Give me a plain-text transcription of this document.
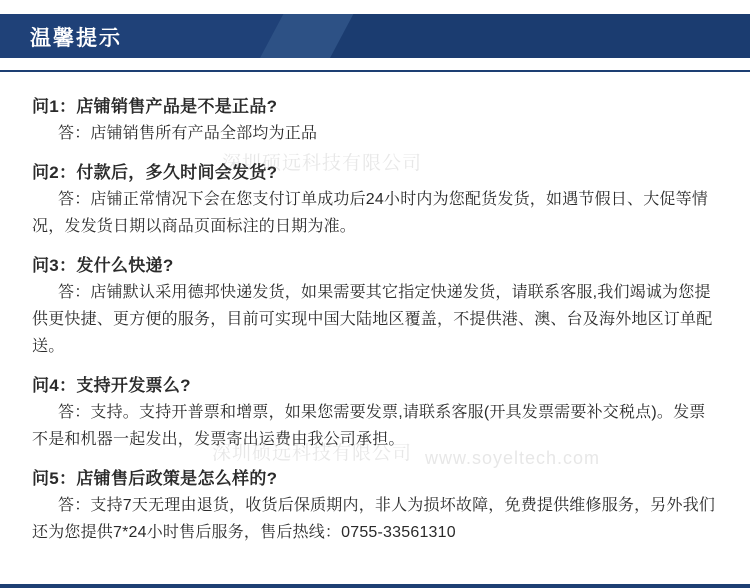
温馨提示
问1：店铺销售产品是不是正品?
答：店铺销售所有产品全部均为正品
问2：付款后，多久时间会发货?
答：店铺正常情况下会在您支付订单成功后24小时内为您配货发货，如遇节假日、大促等情况，发发货日期以商品页面标注的日期为准。
问3：发什么快递?
答：店铺默认采用德邦快递发货，如果需要其它指定快递发货，请联系客服,我们竭诚为您提供更快捷、更方便的服务，目前可实现中国大陆地区覆盖，不提供港、澳、台及海外地区订单配送。
问4：支持开发票么?
答：支持。支持开普票和增票，如果您需要发票,请联系客服(开具发票需要补交税点)。发票不是和机器一起发出，发票寄出运费由我公司承担。
问5：店铺售后政策是怎么样的?
答：支持7天无理由退货，收货后保质期内，非人为损坏故障，免费提供维修服务，另外我们还为您提供7*24小时售后服务，售后热线：0755-33561310
深圳硕远科技有限公司
深圳硕远科技有限公司 www.soyeltech.com
